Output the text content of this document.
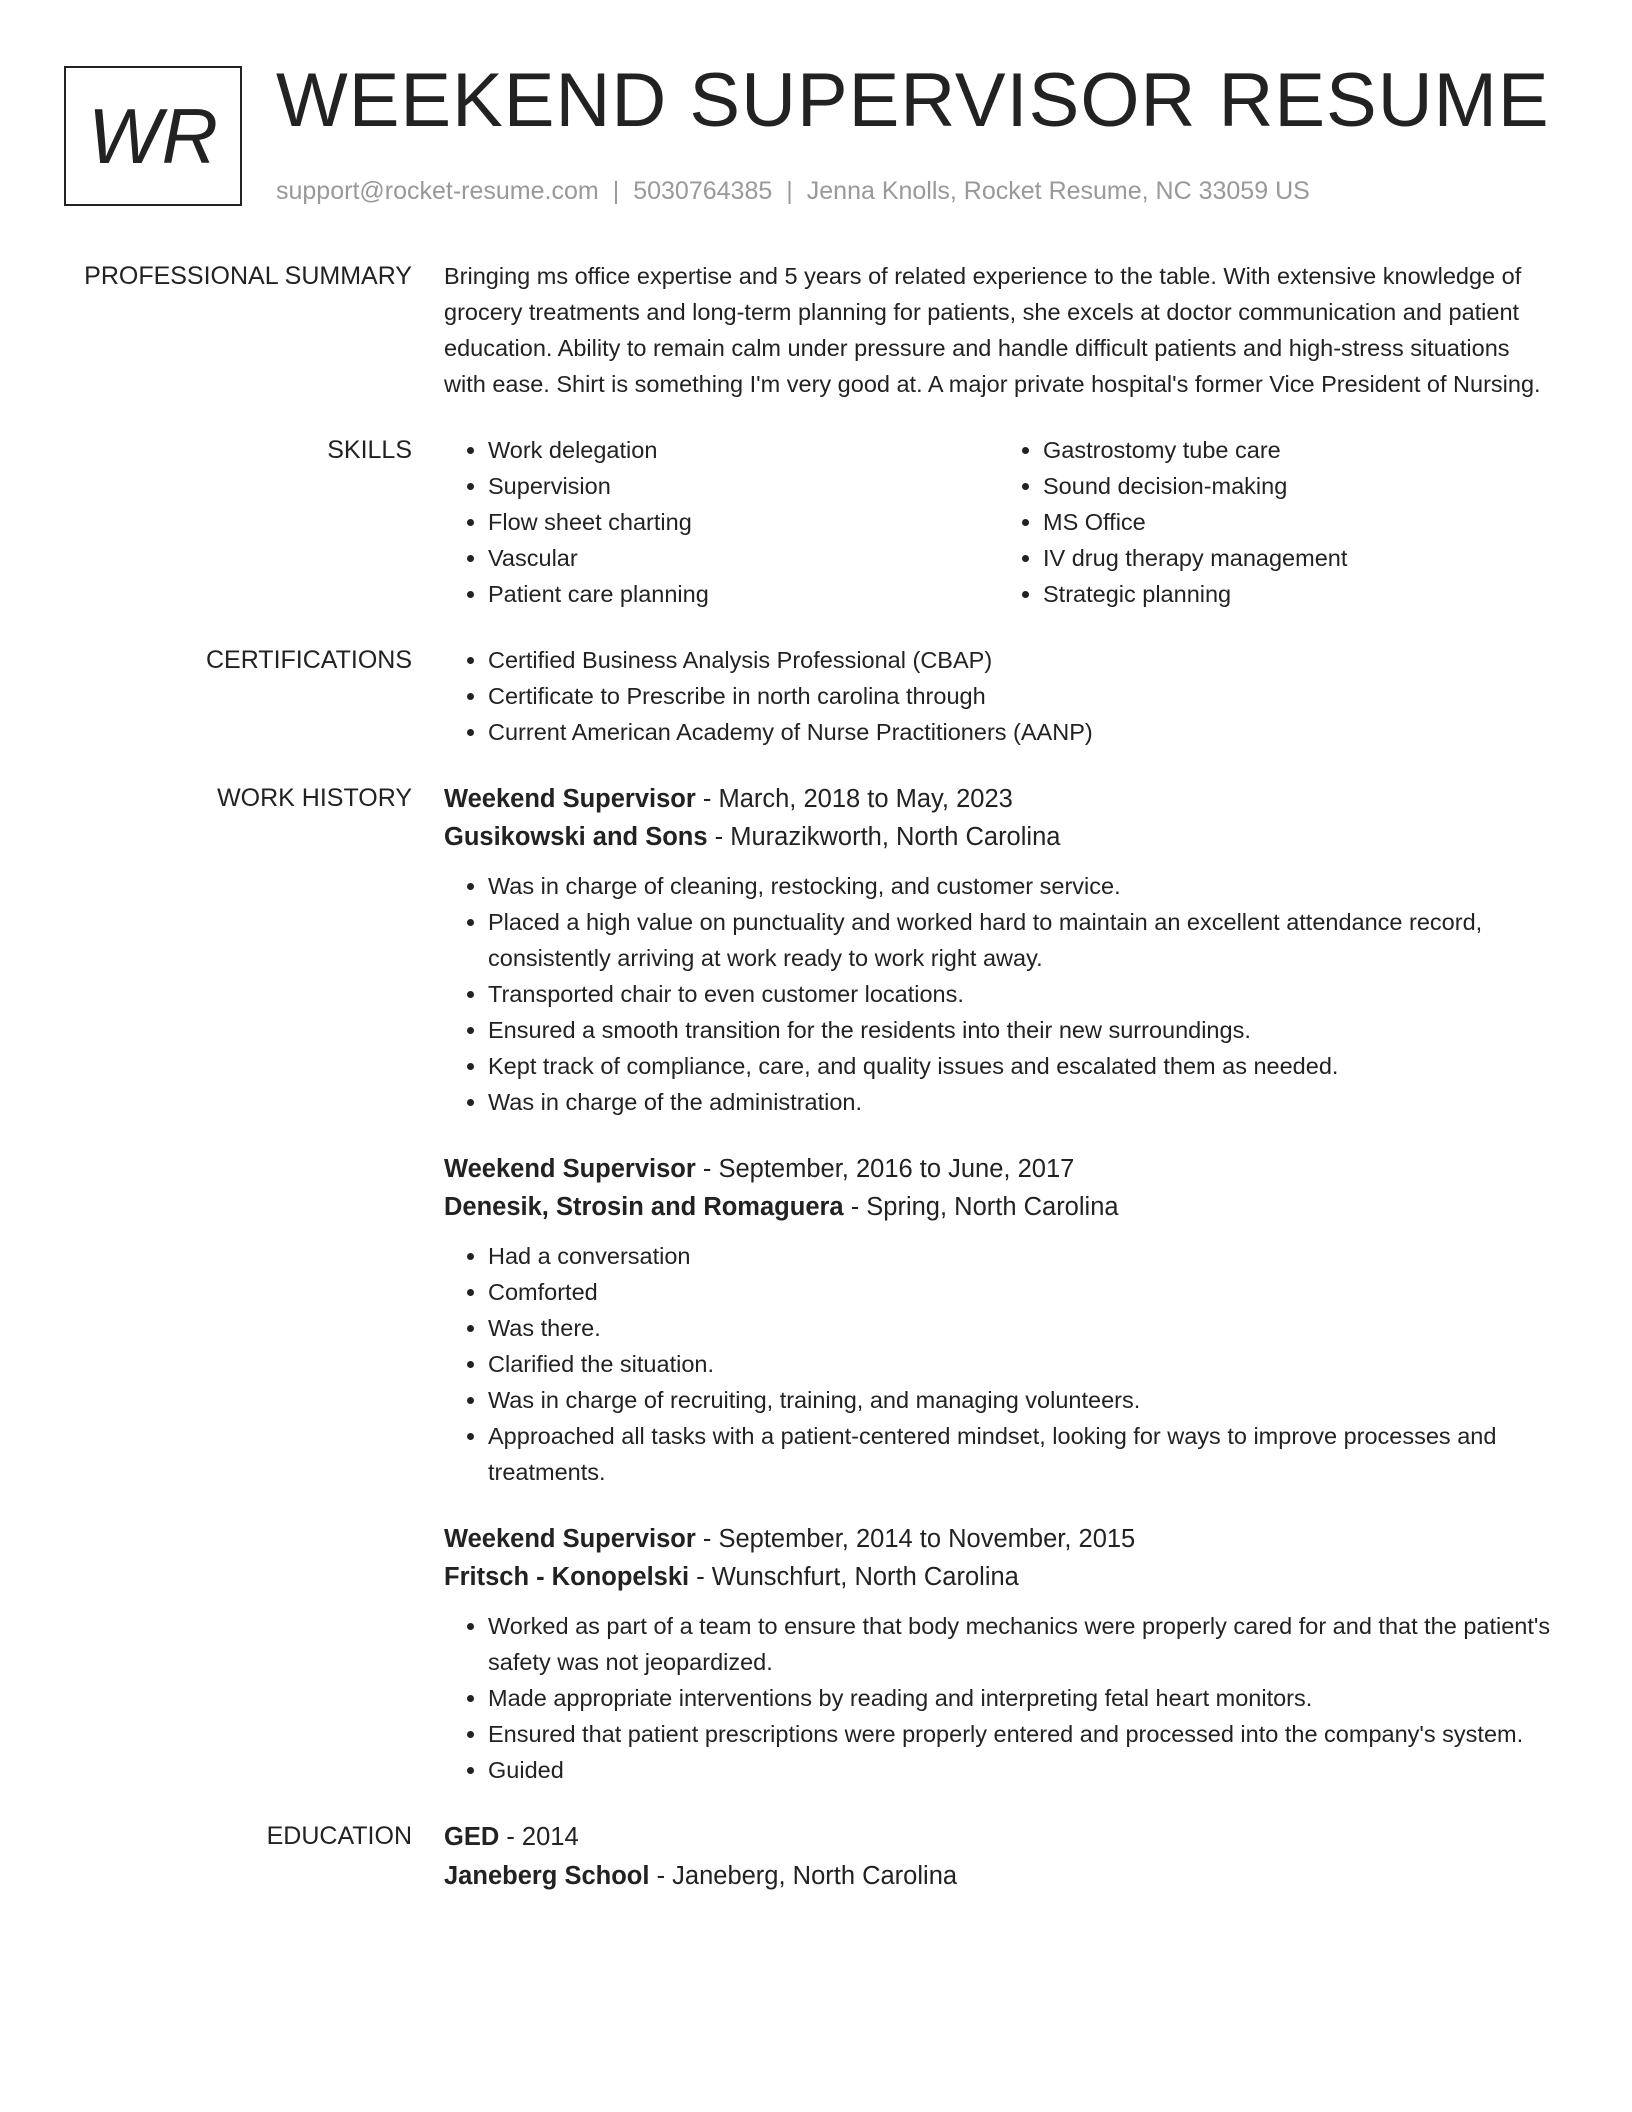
WR WEEKEND SUPERVISOR RESUME
support@rocket-resume.com | 5030764385 | Jenna Knolls, Rocket Resume, NC 33059 US
PROFESSIONAL SUMMARY Bringing ms office expertise and 5 years of related experience to the table. With extensive knowledge of grocery treatments and long-term planning for patients, she excels at doctor communication and patient education. Ability to remain calm under pressure and handle difficult patients and high-stress situations with ease. Shirt is something I'm very good at. A major private hospital's former Vice President of Nursing.

SKILLS	• Work delegation
• Supervision
• Flow sheet charting
• Vascular
• Patient care planning
• Gastrostomy tube care
• Sound decision-making
• MS Office
• IV drug therapy management
• Strategic planning
CERTIFICATIONS	• Certified Business Analysis Professional (CBAP)
• Certificate to Prescribe in north carolina through
• Current American Academy of Nurse Practitioners (AANP)
WORK HISTORY Weekend Supervisor - March, 2018 to May, 2023
Gusikowski and Sons - Murazikworth, North Carolina
• Was in charge of cleaning, restocking, and customer service.
• Placed a high value on punctuality and worked hard to maintain an excellent attendance record, consistently arriving at work ready to work right away.
• Transported chair to even customer locations.
• Ensured a smooth transition for the residents into their new surroundings.
• Kept track of compliance, care, and quality issues and escalated them as needed.
• Was in charge of the administration.
Weekend Supervisor - September, 2016 to June, 2017
Denesik, Strosin and Romaguera - Spring, North Carolina
• Had a conversation
• Comforted
• Was there.
• Clarified the situation.
• Was in charge of recruiting, training, and managing volunteers.
• Approached all tasks with a patient-centered mindset, looking for ways to improve processes and treatments.
Weekend Supervisor - September, 2014 to November, 2015
Fritsch - Konopelski - Wunschfurt, North Carolina
• Worked as part of a team to ensure that body mechanics were properly cared for and that the patient's safety was not jeopardized.
• Made appropriate interventions by reading and interpreting fetal heart monitors.
• Ensured that patient prescriptions were properly entered and processed into the company's system.
• Guided
EDUCATION GED - 2014
Janeberg School - Janeberg, North Carolina
